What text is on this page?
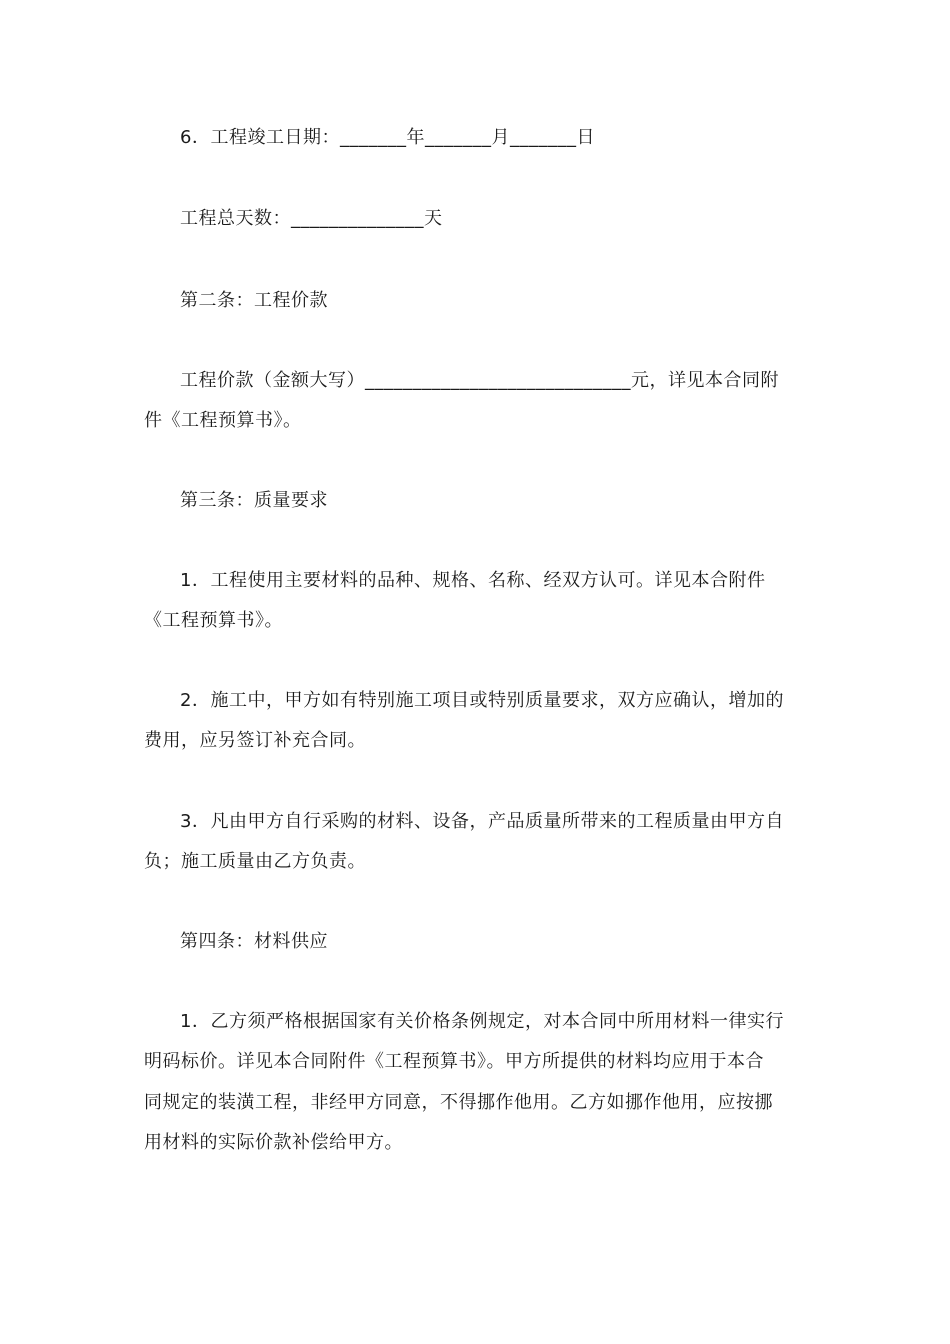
6．工程竣工日期：_______年_______月_______日
工程总天数：______________天
第二条：工程价款
工程价款（金额大写）____________________________元，详见本合同附
件《工程预算书》。
第三条：质量要求
1．工程使用主要材料的品种、规格、名称、经双方认可。详见本合附件
《工程预算书》。
2．施工中，甲方如有特别施工项目或特别质量要求，双方应确认，增加的
费用，应另签订补充合同。
3．凡由甲方自行采购的材料、设备，产品质量所带来的工程质量由甲方自
负；施工质量由乙方负责。
第四条：材料供应
1．乙方须严格根据国家有关价格条例规定，对本合同中所用材料一律实行
明码标价。详见本合同附件《工程预算书》。甲方所提供的材料均应用于本合
同规定的装潢工程，非经甲方同意，不得挪作他用。乙方如挪作他用，应按挪
用材料的实际价款补偿给甲方。
